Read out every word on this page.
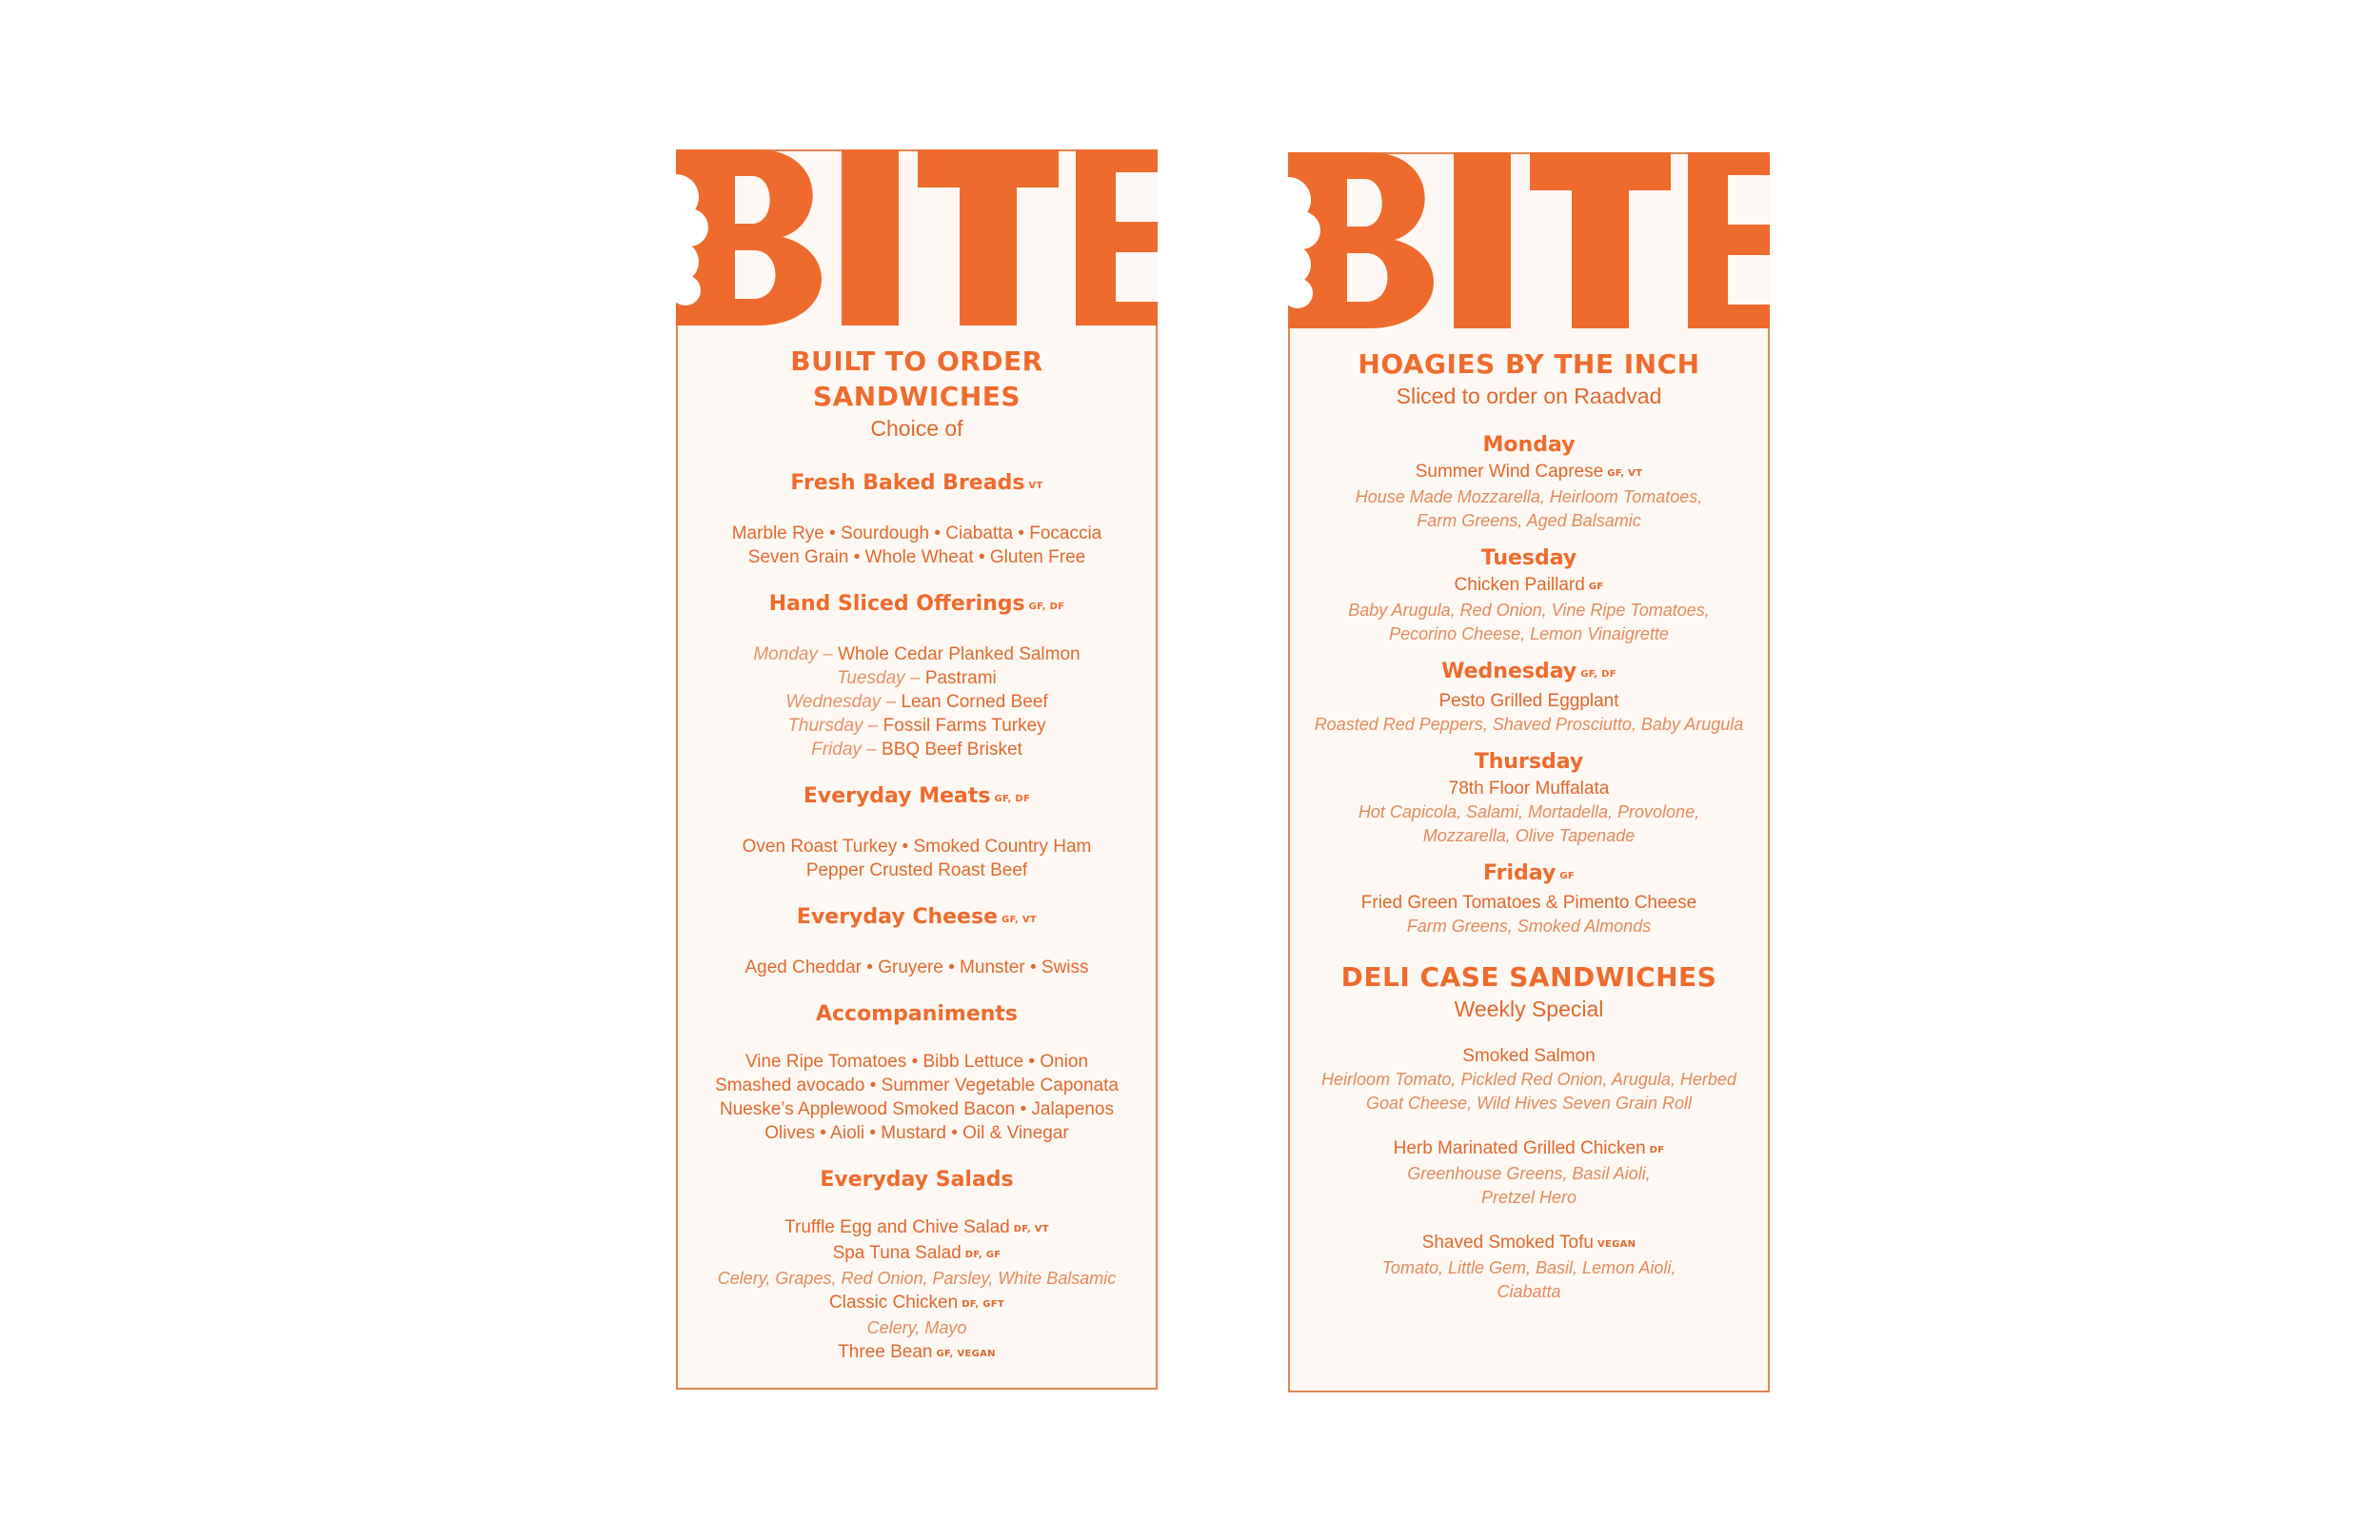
BUILT TO ORDER

SANDWICHES

Choice of

Fresh Baked Breads VT

Marble Rye • Sourdough • Ciabatta • Focaccia

Seven Grain • Whole Wheat • Gluten Free

Hand Sliced Offerings GF, DF

Monday – Whole Cedar Planked Salmon

Tuesday – Pastrami

Wednesday – Lean Corned Beef

Thursday – Fossil Farms Turkey

Friday – BBQ Beef Brisket

Everyday Meats GF, DF

Oven Roast Turkey • Smoked Country Ham

Pepper Crusted Roast Beef

Everyday Cheese GF, VT

Aged Cheddar • Gruyere • Munster • Swiss

Accompaniments

Vine Ripe Tomatoes • Bibb Lettuce • Onion

Smashed avocado • Summer Vegetable Caponata

Nueske’s Applewood Smoked Bacon • Jalapenos

Olives • Aioli • Mustard • Oil & Vinegar

Everyday Salads

Truffle Egg and Chive Salad DF, VT

Spa Tuna Salad DF, GF

Celery, Grapes, Red Onion, Parsley, White Balsamic

Classic Chicken DF, GFT

Celery, Mayo

Three Bean GF, VEGAN

HOAGIES BY THE INCH

Sliced to order on Raadvad

Monday

Summer Wind Caprese GF, VT

House Made Mozzarella, Heirloom Tomatoes,

Farm Greens, Aged Balsamic

Tuesday

Chicken Paillard GF

Baby Arugula, Red Onion, Vine Ripe Tomatoes,

Pecorino Cheese, Lemon Vinaigrette

Wednesday GF, DF

Pesto Grilled Eggplant

Roasted Red Peppers, Shaved Prosciutto, Baby Arugula

Thursday

78th Floor Muffalata

Hot Capicola, Salami, Mortadella, Provolone,

Mozzarella, Olive Tapenade

Friday GF

Fried Green Tomatoes & Pimento Cheese

Farm Greens, Smoked Almonds

DELI CASE SANDWICHES

Weekly Special

Smoked Salmon

Heirloom Tomato, Pickled Red Onion, Arugula, Herbed

Goat Cheese, Wild Hives Seven Grain Roll

Herb Marinated Grilled Chicken DF

Greenhouse Greens, Basil Aioli,

Pretzel Hero

Shaved Smoked Tofu VEGAN

Tomato, Little Gem, Basil, Lemon Aioli,

Ciabatta
